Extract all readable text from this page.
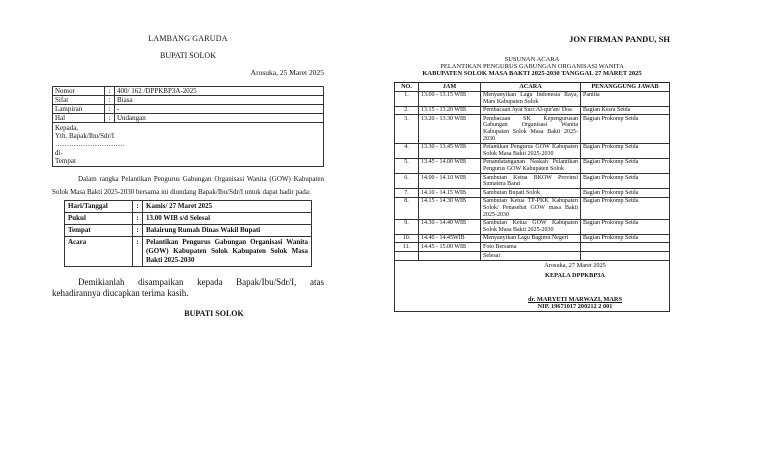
LAMBANG GARUDA
BUPATI SOLOK
Arosuka, 25 Maret 2025
Nomor	:	400/ 162 /DPPKBP3A-2025
Sifat	:	Biasa
Lampiran	:	-
Hal	:	Undangan
Kepada,
Yth. Bapak/Ibu/Sdr/I
…………………………
di-
Tempat

Dalam rangka Pelantikan Pengurus Gabungan Organisasi Wanita (GOW) Kabupaten Solok Masa Bakti 2025-2030 bersama ini diundang Bapak/Ibu/Sdr/I untuk dapat hadir pada:

Hari/Tanggal	:	Kamis/ 27 Maret 2025
Pukul	:	13.00 WIB s/d Selesai
Tempat	:	Balairung Rumah Dinas Wakil Bupati
Acara	:	Pelantikan Pengurus Gabungan Organisasi Wanita (GOW) Kabupaten Solok Kabupaten Solok Masa Bakti 2025-2030

Demikianlah disampaikan kepada Bapak/Ibu/Sdr/I, atas kehadirannya diucapkan terima kasih.

BUPATI SOLOK
JON FIRMAN PANDU, SH
SUSUNAN ACARA
PELANTIKAN PENGURUS GABUNGAN ORGANISASI WANITA
KABUPATEN SOLOK MASA BAKTI 2025-2030 TANGGAL 27 MARET 2025
NO.	JAM	ACARA	PENANGGUNG JAWAB
1.	13.00 - 13.15 WIB	Menyanyikan Lagu Indonesia Raya, Mars Kabupaten Solok	Panitia
2.	13.15 - 13.20 WIB	Pembacaan Ayat Suci Al-qur'an/ Doa	Bagian Kesra Setda
3.	13.20 - 13.30 WIB	Pembacaan SK Kepengurusan Gabungan Organisasi Wanita Kabupaten Solok Masa Bakti 2025-2030	Bagian Prokomp Setda
4.	13.30 - 13.45 WIB	Pelantikan Pengurus GOW Kabupaten Solok Masa Bakti 2025-2030	Bagian Prokomp Setda
5.	13.45 - 14.00 WIB	Penandatanganan Naskah Pelantikan Pengurus GOW Kabupaten Solok	Bagian Prokomp Setda
6.	14.00 - 14.10 WIB	Sambutan Ketua BKOW Provinsi Sumatera Barat	Bagian Prokomp Setda
7.	14.10 - 14.15 WIB	Sambutan Bupati Solok	Bagian Prokomp Setda
8.	14.15 - 14.30 WIB	Sambutan Ketua TP-PKK Kabupaten Solok/ Penasehat GOW masa Bakti 2025-2030	Bagian Prokomp Setda
9.	14.30 - 14.40 WIB	Sambutan Ketua GOW Kabupaten Solok Masa Bakti 2025-2030	Bagian Prokomp Setda
10.	14.40 - 14.45WIB	Menyanyikan Lagu Bagimu Negeri	Bagian Prokomp Setda
11.	14.45 - 15.00 WIB	Foto Bersama	
		Selesai	

Arosuka, 27 Maret 2025
KEPALA DPPKBP3A
dr. MARYETI MARWAZI, MARS
NIP. 19671017 200212 2 001			
